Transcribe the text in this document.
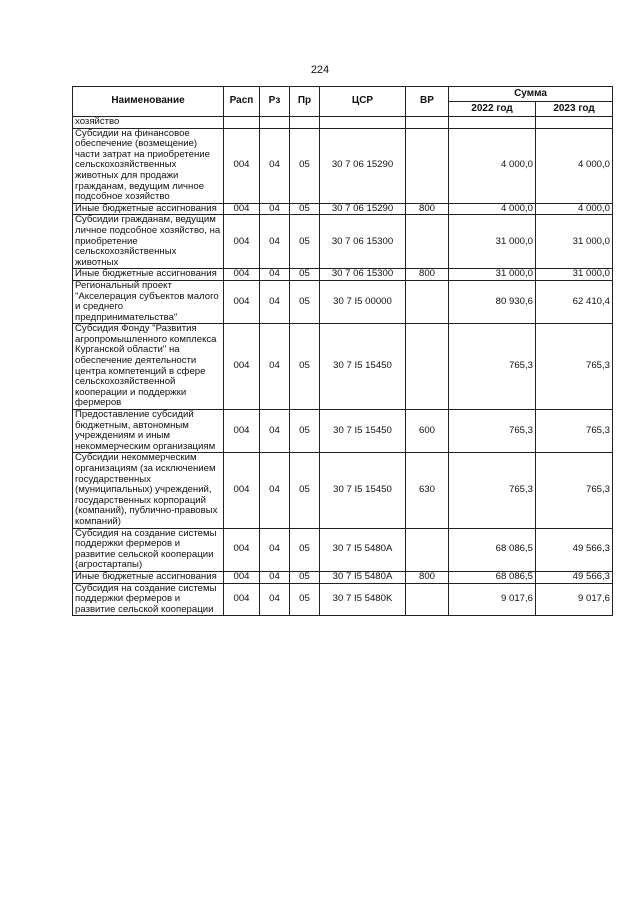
224
Наименование	Расп	Рз	Пр	ЦСР	ВР	Сумма	
						2022 год	2023 год
хозяйство							
Субсидии на финансовое обеспечение (возмещение) части затрат на приобретение сельскохозяйственных животных для продажи гражданам, ведущим личное подсобное хозяйство	004	04	05	30 7 06 15290		4 000,0	4 000,0
Иные бюджетные ассигнования	004	04	05	30 7 06 15290	800	4 000,0	4 000,0
Субсидии гражданам, ведущим личное подсобное хозяйство, на приобретение сельскохозяйственных животных	004	04	05	30 7 06 15300		31 000,0	31 000,0
Иные бюджетные ассигнования	004	04	05	30 7 06 15300	800	31 000,0	31 000,0
Региональный проект "Акселерация субъектов малого и среднего предпринимательства"	004	04	05	30 7 I5 00000		80 930,6	62 410,4
Субсидия Фонду "Развития агропромышленного комплекса Курганской области" на обеспечение деятельности центра компетенций в сфере сельскохозяйственной кооперации и поддержки фермеров	004	04	05	30 7 I5 15450		765,3	765,3
Предоставление субсидий бюджетным, автономным учреждениям и иным некоммерческим организациям	004	04	05	30 7 I5 15450	600	765,3	765,3
Субсидии некоммерческим организациям (за исключением государственных (муниципальных) учреждений, государственных корпораций (компаний), публично-правовых компаний)	004	04	05	30 7 I5 15450	630	765,3	765,3
Субсидия на создание системы поддержки фермеров и развитие сельской кооперации (агростартапы)	004	04	05	30 7 I5 5480A		68 086,5	49 566,3
Иные бюджетные ассигнования	004	04	05	30 7 I5 5480A	800	68 086,5	49 566,3
Субсидия на создание системы поддержки фермеров и развитие сельской кооперации	004	04	05	30 7 I5 5480K		9 017,6	9 017,6
